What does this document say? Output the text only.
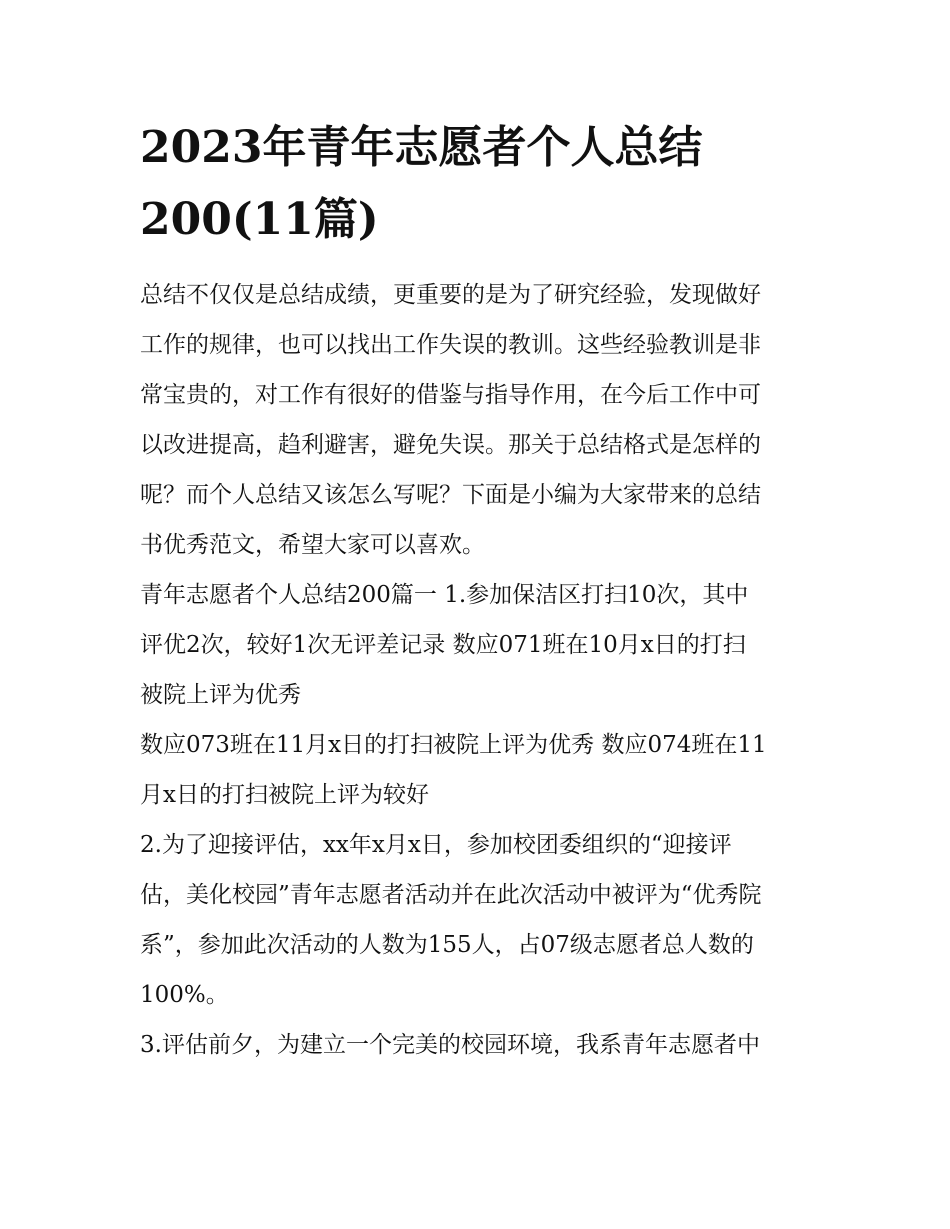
2023年青年志愿者个人总结
200(11篇)
总结不仅仅是总结成绩，更重要的是为了研究经验，发现做好
工作的规律，也可以找出工作失误的教训。这些经验教训是非
常宝贵的，对工作有很好的借鉴与指导作用，在今后工作中可
以改进提高，趋利避害，避免失误。那关于总结格式是怎样的
呢？而个人总结又该怎么写呢？下面是小编为大家带来的总结
书优秀范文，希望大家可以喜欢。
青年志愿者个人总结200篇一 1.参加保洁区打扫10次，其中
评优2次，较好1次无评差记录 数应071班在10月x日的打扫
被院上评为优秀
数应073班在11月x日的打扫被院上评为优秀 数应074班在11
月x日的打扫被院上评为较好
2.为了迎接评估，xx年x月x日，参加校团委组织的“迎接评
估，美化校园”青年志愿者活动并在此次活动中被评为“优秀院
系”，参加此次活动的人数为155人，占07级志愿者总人数的
100%。
3.评估前夕，为建立一个完美的校园环境，我系青年志愿者中
